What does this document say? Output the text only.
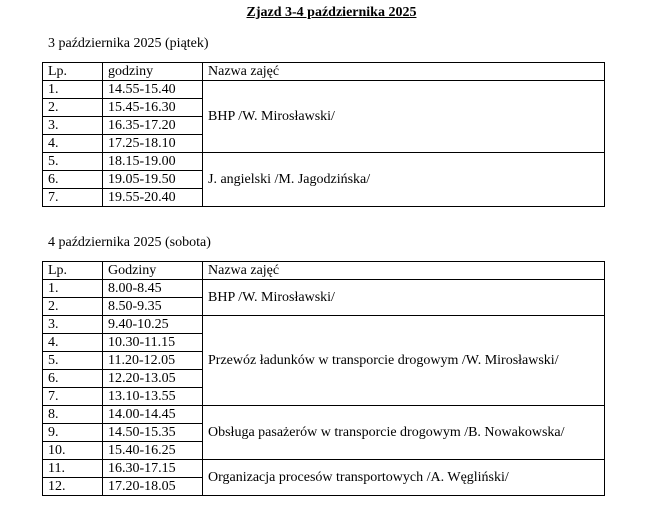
Zjazd 3-4 października 2025
3 października 2025 (piątek)
Lp.	godziny	Nazwa zajęć
1.	14.55-15.40	BHP /W. Mirosławski/
2.	15.45-16.30	
3.	16.35-17.20	
4.	17.25-18.10	
5.	18.15-19.00	J. angielski /M. Jagodzińska/
6.	19.05-19.50	
7.	19.55-20.40	
4 października 2025 (sobota)
Lp.	Godziny	Nazwa zajęć
1.	8.00-8.45	BHP /W. Mirosławski/
2.	8.50-9.35	
3.	9.40-10.25	Przewóz ładunków w transporcie drogowym /W. Mirosławski/
4.	10.30-11.15	
5.	11.20-12.05	
6.	12.20-13.05	
7.	13.10-13.55	
8.	14.00-14.45	Obsługa pasażerów w transporcie drogowym /B. Nowakowska/
9.	14.50-15.35	
10.	15.40-16.25	
11.	16.30-17.15	Organizacja procesów transportowych /A. Węgliński/
12.	17.20-18.05	
